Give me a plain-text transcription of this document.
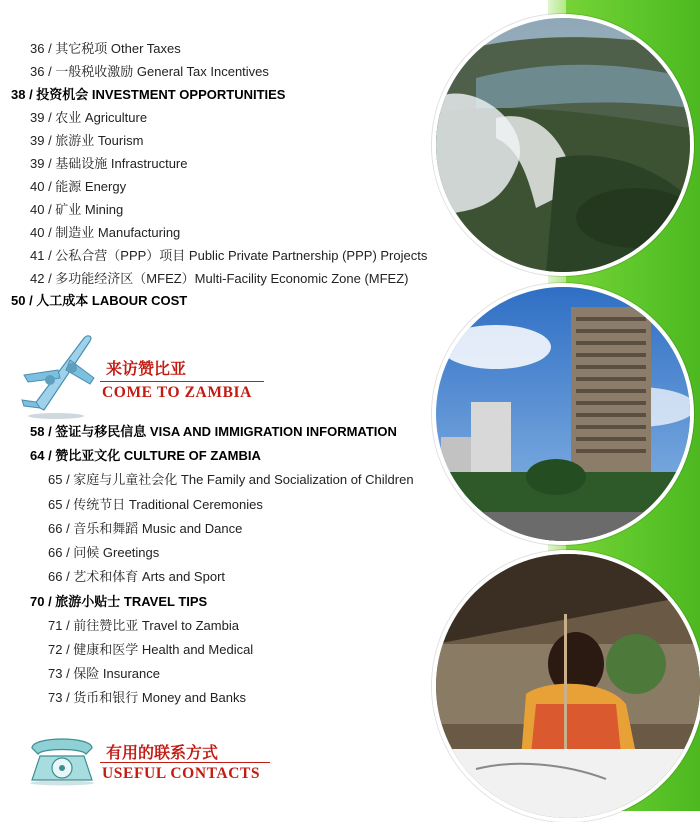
36 / 其它税项 Other Taxes
36 / 一般税收激励 General Tax Incentives
38 / 投资机会 INVESTMENT OPPORTUNITIES
39 / 农业 Agriculture
39 / 旅游业 Tourism
39 / 基础设施 Infrastructure
40 / 能源 Energy
40 / 矿业 Mining
40 / 制造业 Manufacturing
41 / 公私合营（PPP）项目 Public Private Partnership (PPP) Projects
42 / 多功能经济区（MFEZ）Multi-Facility Economic Zone (MFEZ)
50 / 人工成本 LABOUR COST
来访赞比亚
COME TO ZAMBIA
58 / 签证与移民信息 VISA AND IMMIGRATION INFORMATION
64 / 赞比亚文化 CULTURE OF ZAMBIA
65 / 家庭与儿童社会化 The Family and Socialization of Children
65 / 传统节日 Traditional Ceremonies
66 / 音乐和舞蹈 Music and Dance
66 / 问候 Greetings
66 / 艺术和体育 Arts and Sport
70 / 旅游小贴士 TRAVEL TIPS
71 / 前往赞比亚 Travel to Zambia
72 / 健康和医学 Health and Medical
73 / 保险 Insurance
73 / 货币和银行 Money and Banks
有用的联系方式
USEFUL CONTACTS
